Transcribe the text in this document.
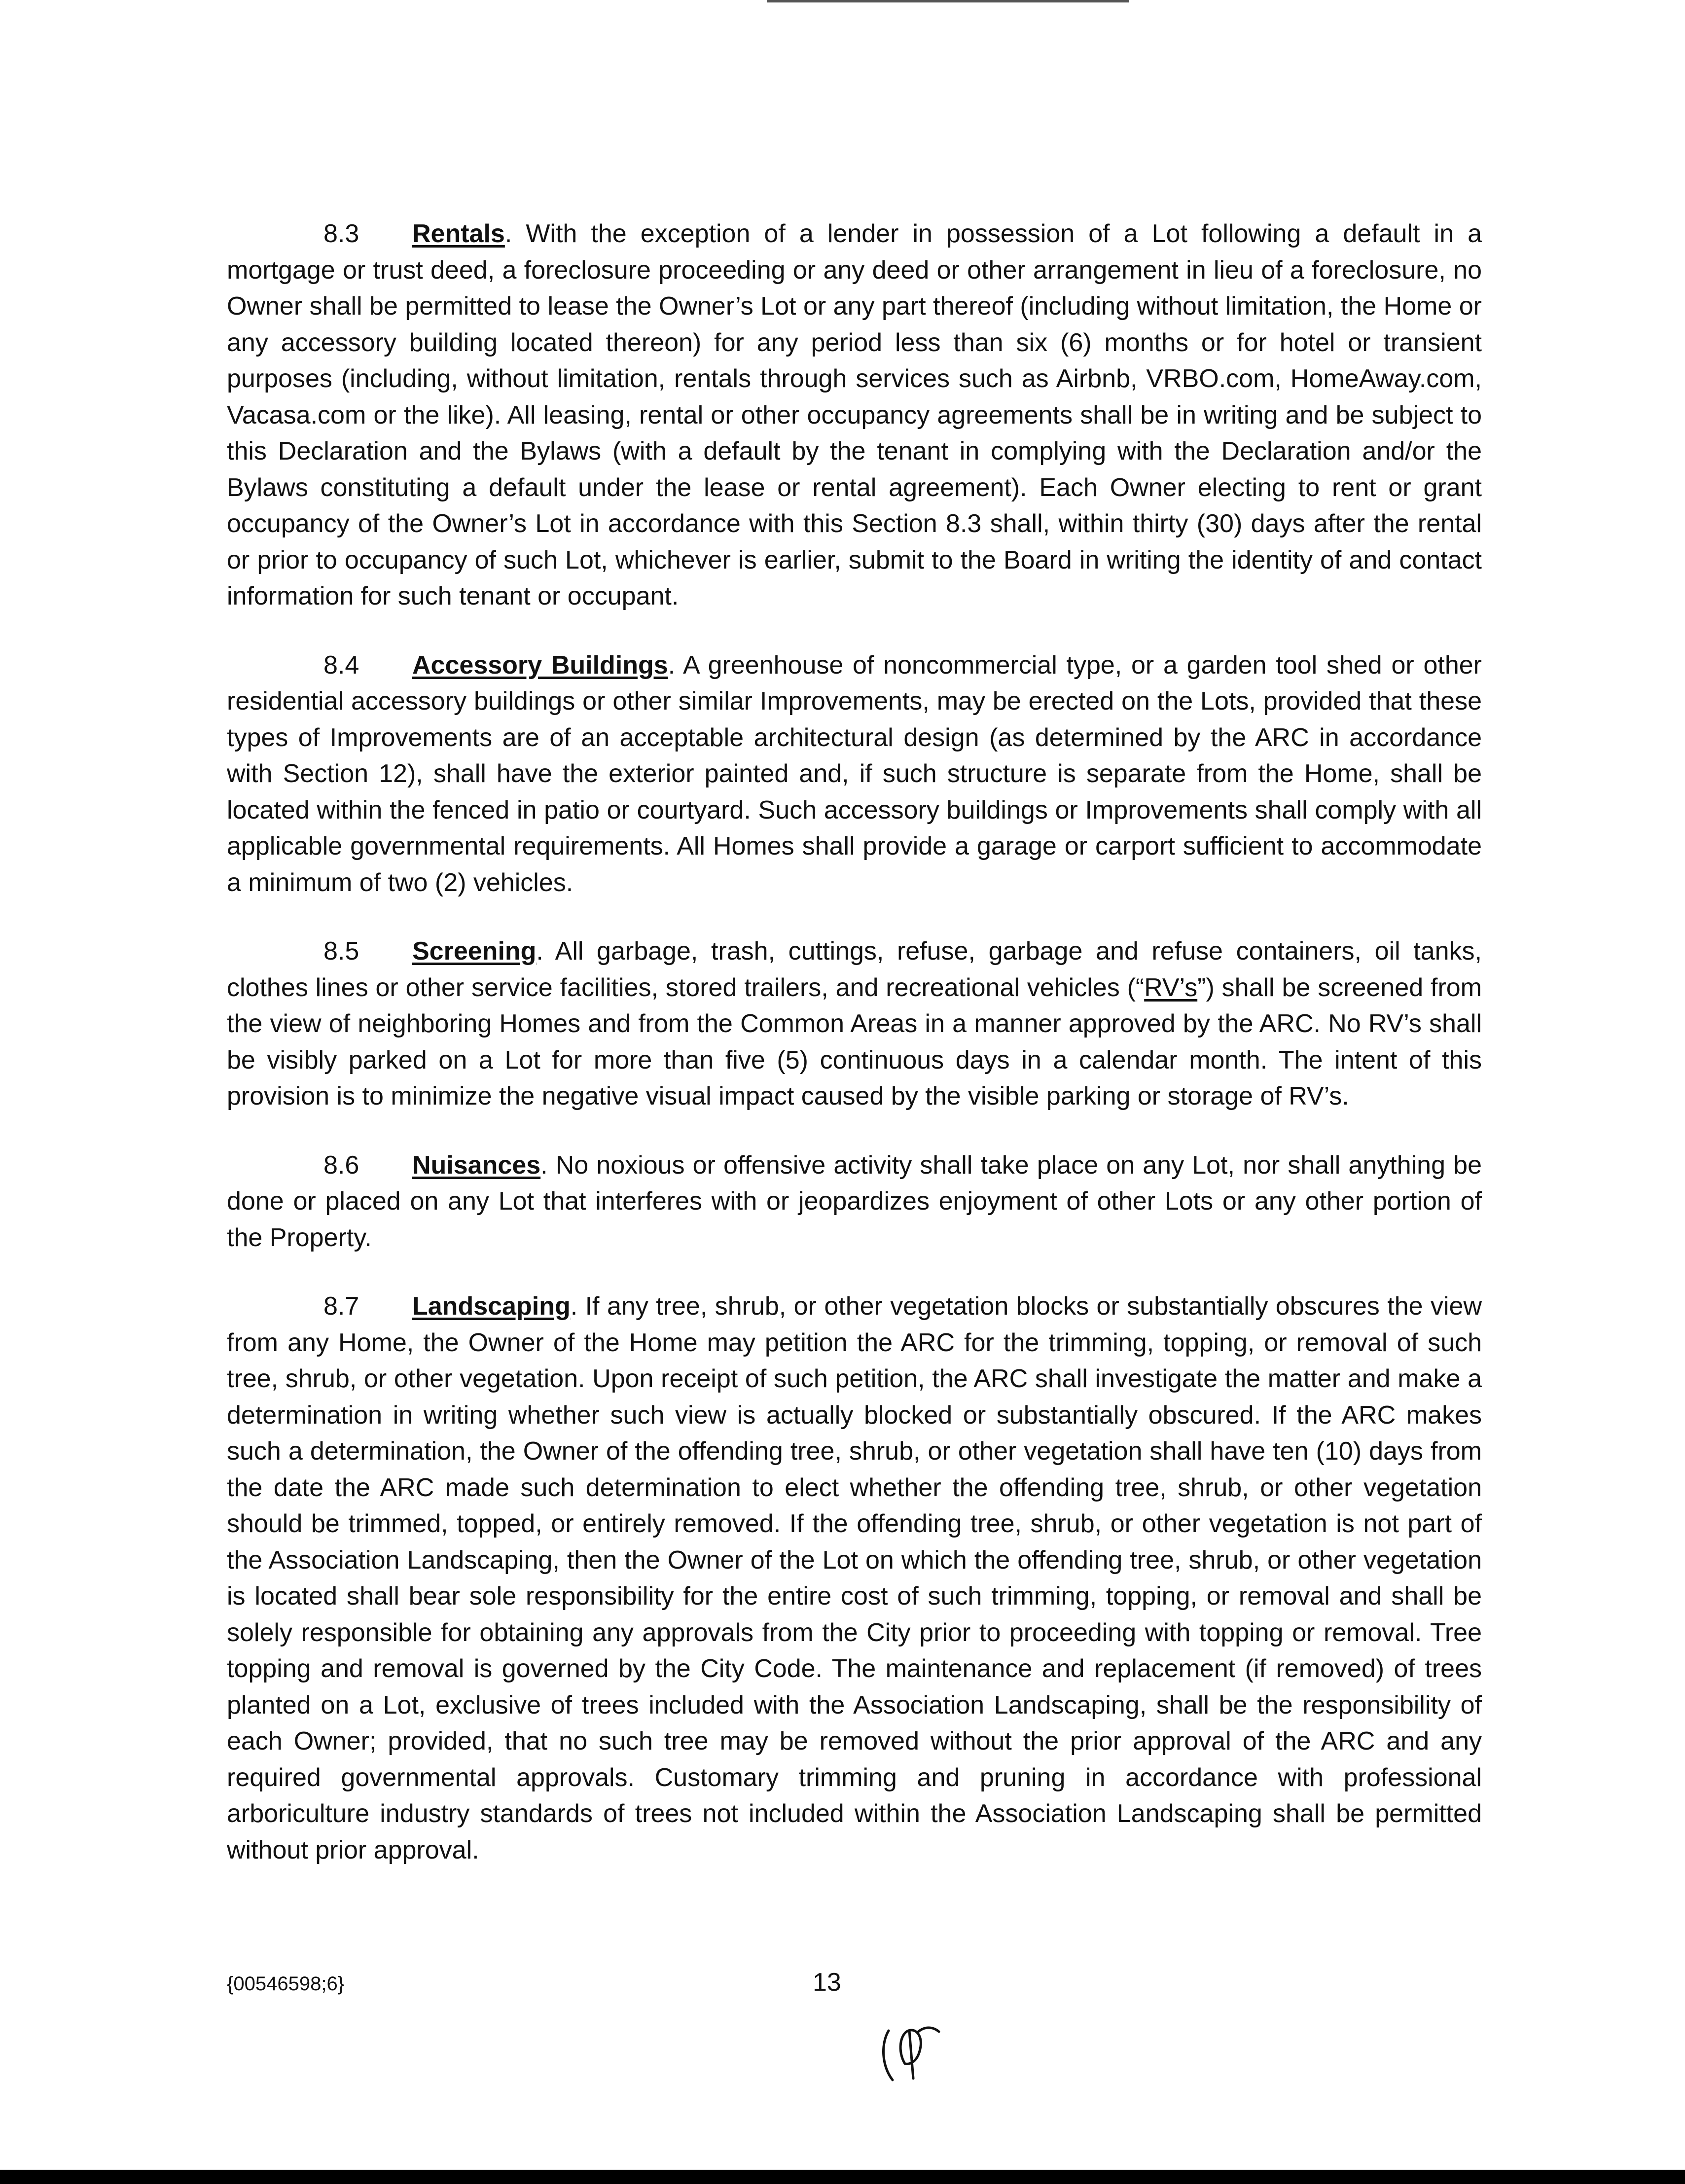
8.3 Rentals. With the exception of a lender in possession of a Lot following a default in a mortgage or trust deed, a foreclosure proceeding or any deed or other arrangement in lieu of a foreclosure, no Owner shall be permitted to lease the Owner’s Lot or any part thereof (including without limitation, the Home or any accessory building located thereon) for any period less than six (6) months or for hotel or transient purposes (including, without limitation, rentals through services such as Airbnb, VRBO.com, HomeAway.com, Vacasa.com or the like). All leasing, rental or other occupancy agreements shall be in writing and be subject to this Declaration and the Bylaws (with a default by the tenant in complying with the Declaration and/or the Bylaws constituting a default under the lease or rental agreement). Each Owner electing to rent or grant occupancy of the Owner’s Lot in accordance with this Section 8.3 shall, within thirty (30) days after the rental or prior to occupancy of such Lot, whichever is earlier, submit to the Board in writing the identity of and contact information for such tenant or occupant.

8.4 Accessory Buildings. A greenhouse of noncommercial type, or a garden tool shed or other residential accessory buildings or other similar Improvements, may be erected on the Lots, provided that these types of Improvements are of an acceptable architectural design (as determined by the ARC in accordance with Section 12), shall have the exterior painted and, if such structure is separate from the Home, shall be located within the fenced in patio or courtyard. Such accessory buildings or Improvements shall comply with all applicable governmental requirements. All Homes shall provide a garage or carport sufficient to accommodate a minimum of two (2) vehicles.

8.5 Screening. All garbage, trash, cuttings, refuse, garbage and refuse containers, oil tanks, clothes lines or other service facilities, stored trailers, and recreational vehicles (“RV’s”) shall be screened from the view of neighboring Homes and from the Common Areas in a manner approved by the ARC. No RV’s shall be visibly parked on a Lot for more than five (5) continuous days in a calendar month. The intent of this provision is to minimize the negative visual impact caused by the visible parking or storage of RV’s.

8.6 Nuisances. No noxious or offensive activity shall take place on any Lot, nor shall anything be done or placed on any Lot that interferes with or jeopardizes enjoyment of other Lots or any other portion of the Property.

8.7 Landscaping. If any tree, shrub, or other vegetation blocks or substantially obscures the view from any Home, the Owner of the Home may petition the ARC for the trimming, topping, or removal of such tree, shrub, or other vegetation. Upon receipt of such petition, the ARC shall investigate the matter and make a determination in writing whether such view is actually blocked or substantially obscured. If the ARC makes such a determination, the Owner of the offending tree, shrub, or other vegetation shall have ten (10) days from the date the ARC made such determination to elect whether the offending tree, shrub, or other vegetation should be trimmed, topped, or entirely removed. If the offending tree, shrub, or other vegetation is not part of the Association Landscaping, then the Owner of the Lot on which the offending tree, shrub, or other vegetation is located shall bear sole responsibility for the entire cost of such trimming, topping, or removal and shall be solely responsible for obtaining any approvals from the City prior to proceeding with topping or removal. Tree topping and removal is governed by the City Code. The maintenance and replacement (if removed) of trees planted on a Lot, exclusive of trees included with the Association Landscaping, shall be the responsibility of each Owner; provided, that no such tree may be removed without the prior approval of the ARC and any required governmental approvals. Customary trimming and pruning in accordance with professional arboriculture industry standards of trees not included within the Association Landscaping shall be permitted without prior approval.

{00546598;6}	13
